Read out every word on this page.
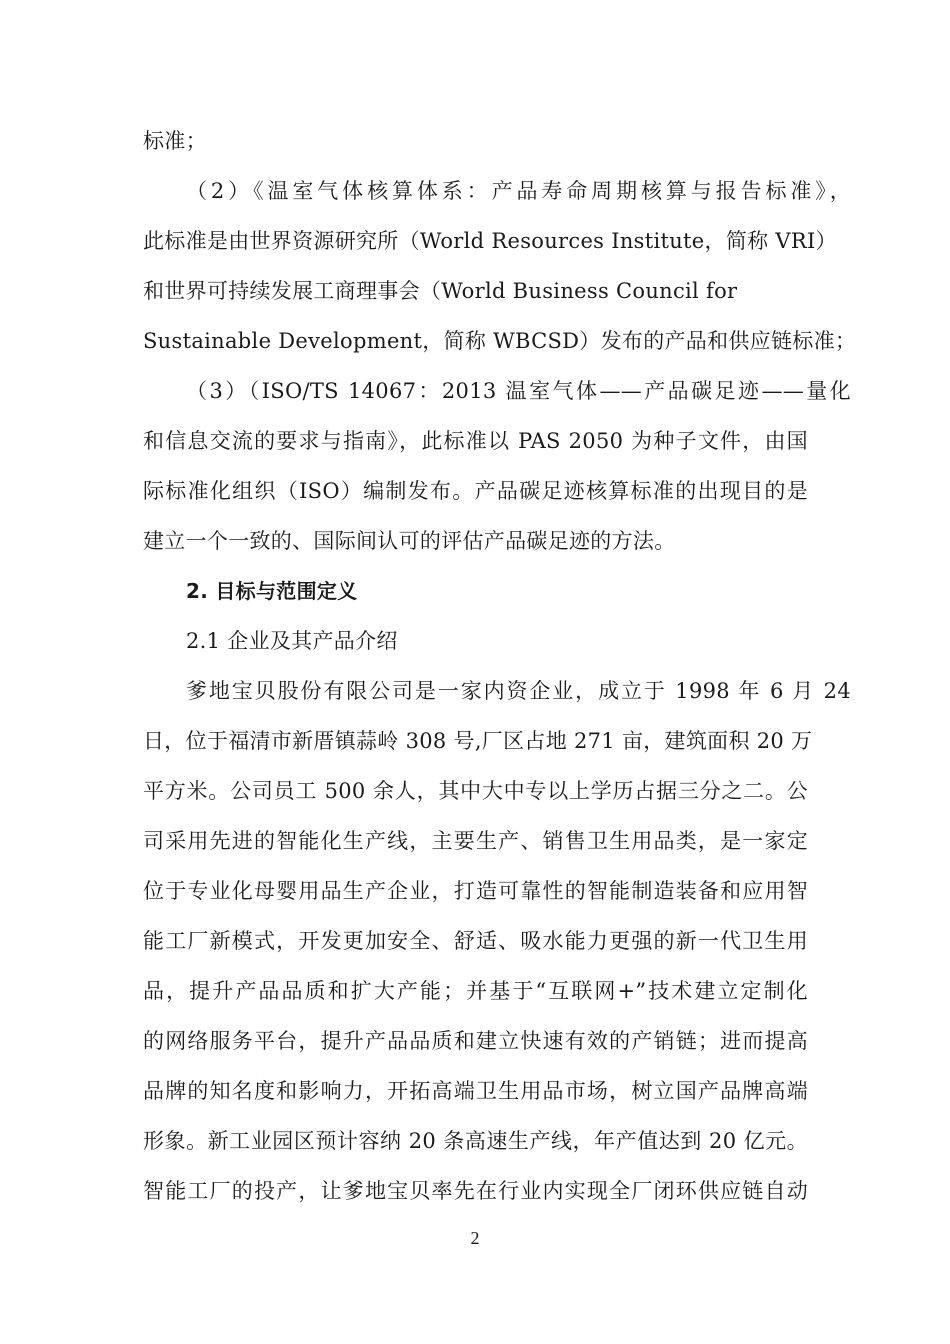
标准；
（2）《温室气体核算体系：产品寿命周期核算与报告标准》，
此标准是由世界资源研究所（World Resources Institute，简称 VRI）
和世界可持续发展工商理事会（World Business Council for
Sustainable Development，简称 WBCSD）发布的产品和供应链标准；
（3）（ISO/TS 14067：2013 温室气体——产品碳足迹——量化
和信息交流的要求与指南》，此标准以 PAS 2050 为种子文件，由国
际标准化组织（ISO）编制发布。产品碳足迹核算标准的出现目的是
建立一个一致的、国际间认可的评估产品碳足迹的方法。
2. 目标与范围定义
2.1 企业及其产品介绍
爹地宝贝股份有限公司是一家内资企业，成立于 1998 年 6 月 24
日，位于福清市新厝镇蒜岭 308 号,厂区占地 271 亩，建筑面积 20 万
平方米。公司员工 500 余人，其中大中专以上学历占据三分之二。公
司采用先进的智能化生产线，主要生产、销售卫生用品类，是一家定
位于专业化母婴用品生产企业，打造可靠性的智能制造装备和应用智
能工厂新模式，开发更加安全、舒适、吸水能力更强的新一代卫生用
品，提升产品品质和扩大产能；并基于“互联网+”技术建立定制化
的网络服务平台，提升产品品质和建立快速有效的产销链；进而提高
品牌的知名度和影响力，开拓高端卫生用品市场，树立国产品牌高端
形象。新工业园区预计容纳 20 条高速生产线，年产值达到 20 亿元。
智能工厂的投产，让爹地宝贝率先在行业内实现全厂闭环供应链自动
2
